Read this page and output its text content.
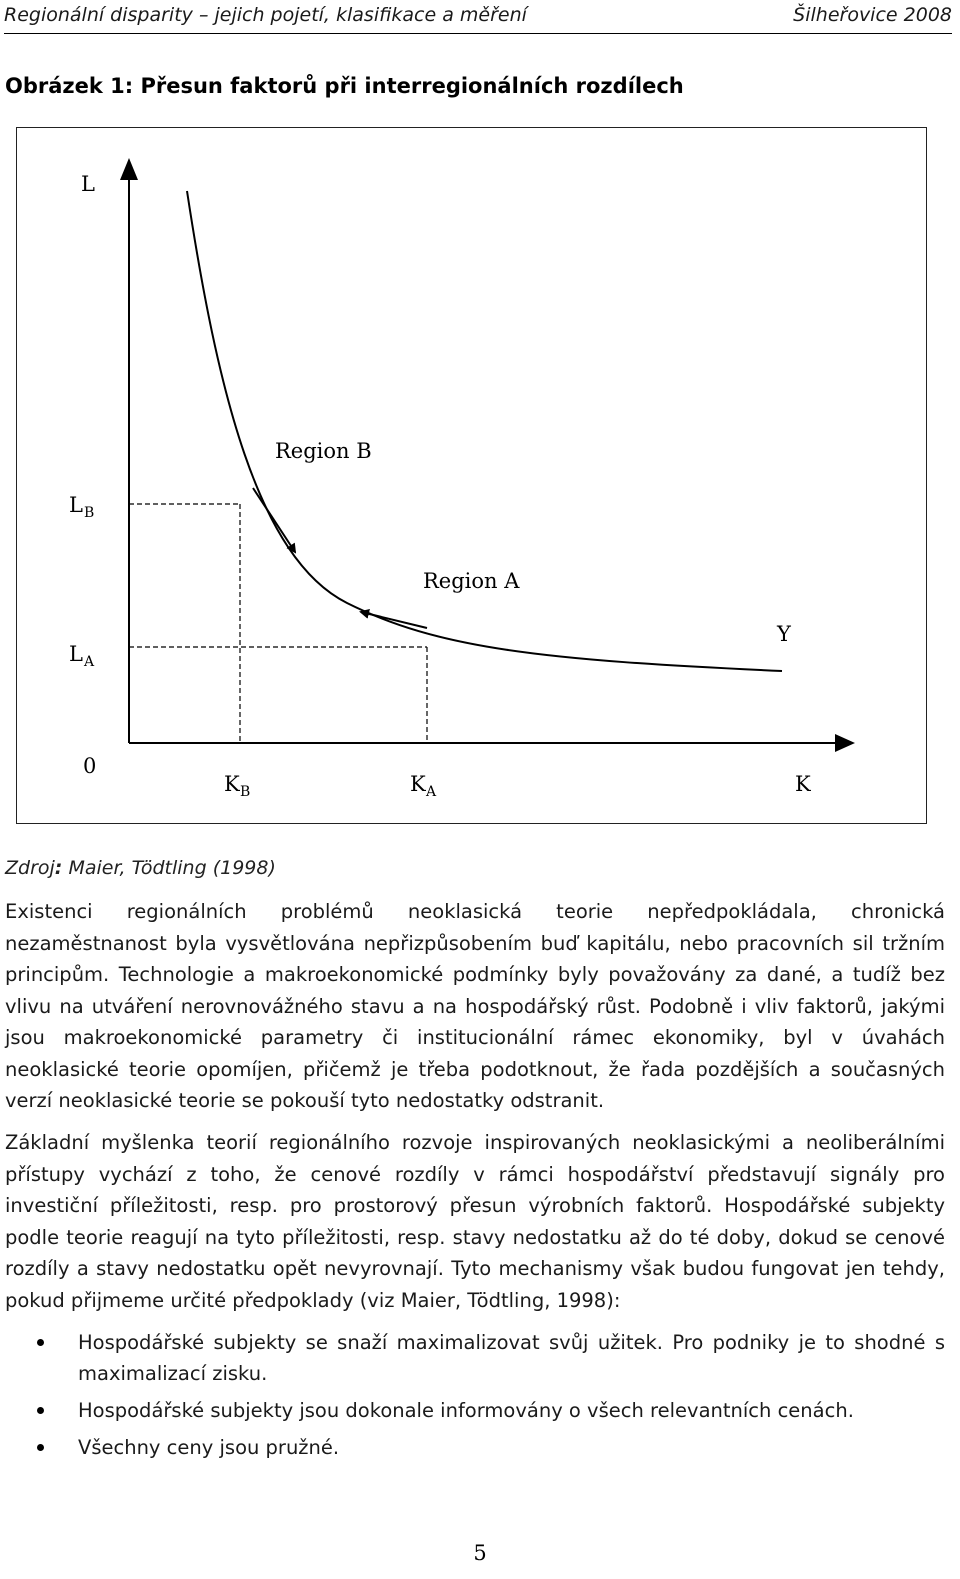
Regionální disparity – jejich pojetí, klasifikace a měření	Šilheřovice 2008
Obrázek 1: Přesun faktorů při interregionálních rozdílech
L
K
0
Y
Region B
Region A
L B
L A
K B	K A
Zdroj: Maier, Tödtling (1998)

Existenci regionálních problémů neoklasická teorie nepředpokládala, chronická nezaměstnanost byla vysvětlována nepřizpůsobením buď kapitálu, nebo pracovních sil tržním principům. Technologie a makroekonomické podmínky byly považovány za dané, a tudíž bez vlivu na utváření nerovnovážného stavu a na hospodářský růst. Podobně i vliv faktorů, jakými jsou makroekonomické parametry či institucionální rámec ekonomiky, byl v úvahách neoklasické teorie opomíjen, přičemž je třeba podotknout, že řada pozdějších a současných verzí neoklasické teorie se pokouší tyto nedostatky odstranit.

Základní myšlenka teorií regionálního rozvoje inspirovaných neoklasickými a neoliberálními přístupy vychází z toho, že cenové rozdíly v rámci hospodářství představují signály pro investiční příležitosti, resp. pro prostorový přesun výrobních faktorů. Hospodářské subjekty podle teorie reagují na tyto příležitosti, resp. stavy nedostatku až do té doby, dokud se cenové rozdíly a stavy nedostatku opět nevyrovnají. Tyto mechanismy však budou fungovat jen tehdy, pokud přijmeme určité předpoklady (viz Maier, Tödtling, 1998):

Hospodářské subjekty se snaží maximalizovat svůj užitek. Pro podniky je to shodné s maximalizací zisku.
Hospodářské subjekty jsou dokonale informovány o všech relevantních cenách.
Všechny ceny jsou pružné.
5
